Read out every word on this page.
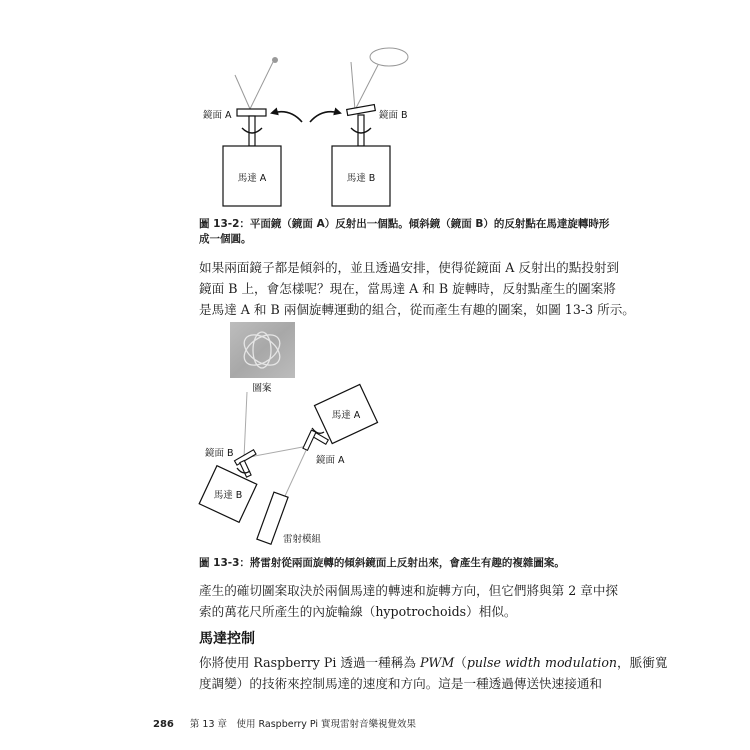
鏡面 A	鏡面 B
馬達 A	馬達 B
圖 13-2：平面鏡（鏡面 A）反射出一個點。傾斜鏡（鏡面 B）的反射點在馬達旋轉時形
成一個圓。
如果兩面鏡子都是傾斜的，並且透過安排，使得從鏡面 A 反射出的點投射到
鏡面 B 上，會怎樣呢？現在，當馬達 A 和 B 旋轉時，反射點產生的圖案將
是馬達 A 和 B 兩個旋轉運動的組合，從而產生有趣的圖案，如圖 13-3 所示。
圖案
馬達 A
鏡面 B
鏡面 A
馬達 B
雷射模組
圖 13-3：將雷射從兩面旋轉的傾斜鏡面上反射出來，會產生有趣的複雜圖案。
產生的確切圖案取決於兩個馬達的轉速和旋轉方向，但它們將與第 2 章中探
索的萬花尺所產生的內旋輪線（hypotrochoids）相似。
馬達控制
你將使用 Raspberry Pi 透過一種稱為 PWM（pulse width modulation，脈衝寬
度調變）的技術來控制馬達的速度和方向。這是一種透過傳送快速接通和
286 第 13 章　使用 Raspberry Pi 實現雷射音樂視覺效果
